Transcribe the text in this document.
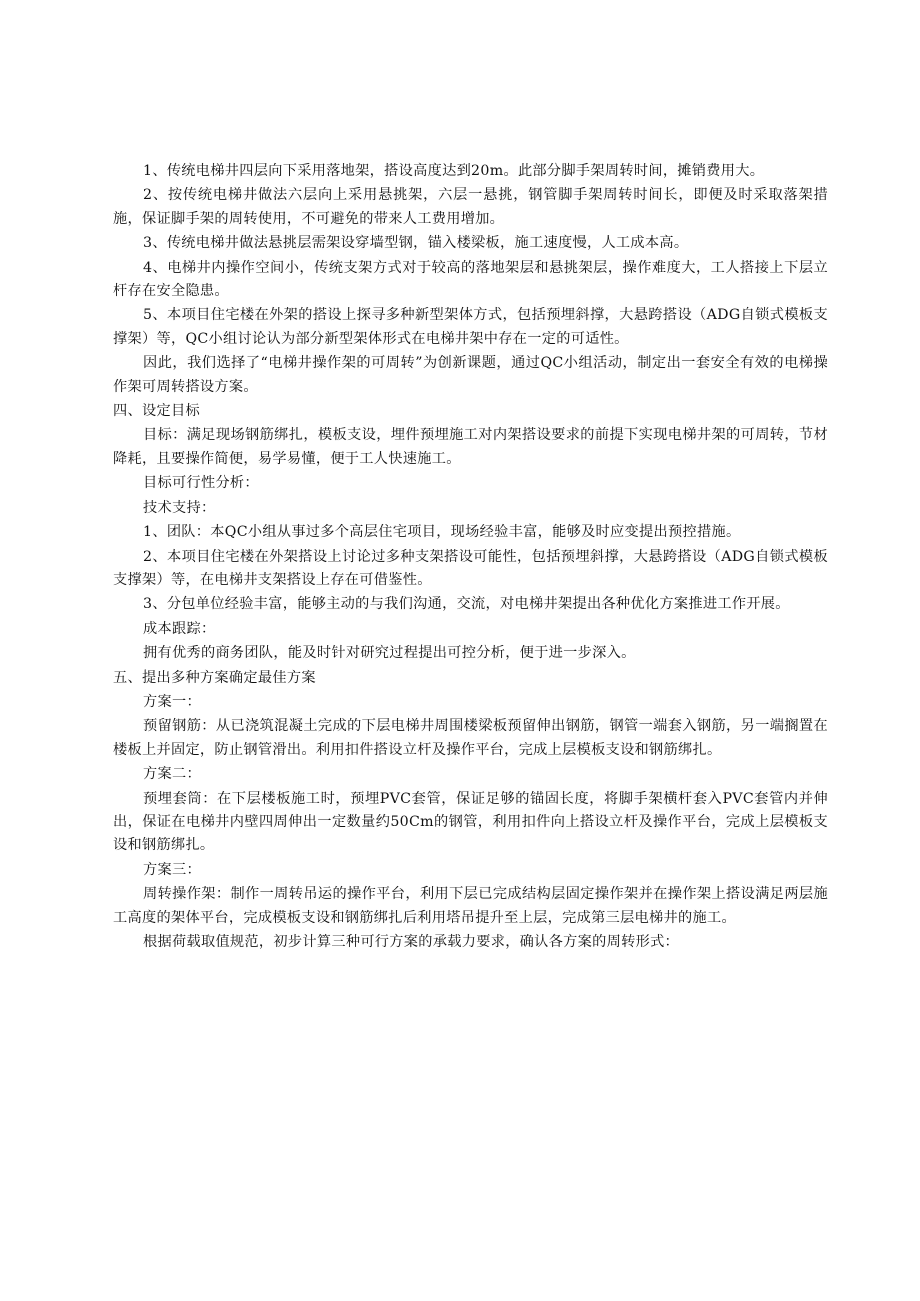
1、传统电梯井四层向下采用落地架，搭设高度达到20m。此部分脚手架周转时间，摊销费用大。

2、按传统电梯井做法六层向上采用悬挑架，六层一悬挑，钢管脚手架周转时间长，即便及时采取落架措施，保证脚手架的周转使用，不可避免的带来人工费用增加。

3、传统电梯井做法悬挑层需架设穿墙型钢，锚入楼梁板，施工速度慢，人工成本高。

4、电梯井内操作空间小，传统支架方式对于较高的落地架层和悬挑架层，操作难度大，工人搭接上下层立杆存在安全隐患。

5、本项目住宅楼在外架的搭设上探寻多种新型架体方式，包括预埋斜撑，大悬跨搭设（ADG自锁式模板支撑架）等，QC小组讨论认为部分新型架体形式在电梯井架中存在一定的可适性。

因此，我们选择了“电梯井操作架的可周转”为创新课题，通过QC小组活动，制定出一套安全有效的电梯操作架可周转搭设方案。

四、设定目标

目标：满足现场钢筋绑扎，模板支设，埋件预埋施工对内架搭设要求的前提下实现电梯井架的可周转，节材降耗，且要操作简便，易学易懂，便于工人快速施工。

目标可行性分析：

技术支持：

1、团队：本QC小组从事过多个高层住宅项目，现场经验丰富，能够及时应变提出预控措施。

2、本项目住宅楼在外架搭设上讨论过多种支架搭设可能性，包括预埋斜撑，大悬跨搭设（ADG自锁式模板支撑架）等，在电梯井支架搭设上存在可借鉴性。

3、分包单位经验丰富，能够主动的与我们沟通，交流，对电梯井架提出各种优化方案推进工作开展。

成本跟踪：

拥有优秀的商务团队，能及时针对研究过程提出可控分析，便于进一步深入。

五、提出多种方案确定最佳方案

方案一：

预留钢筋：从已浇筑混凝土完成的下层电梯井周围楼梁板预留伸出钢筋，钢管一端套入钢筋，另一端搁置在楼板上并固定，防止钢管滑出。利用扣件搭设立杆及操作平台，完成上层模板支设和钢筋绑扎。

方案二：

预埋套筒：在下层楼板施工时，预埋PVC套管，保证足够的锚固长度，将脚手架横杆套入PVC套管内并伸出，保证在电梯井内壁四周伸出一定数量约50Cm的钢管，利用扣件向上搭设立杆及操作平台，完成上层模板支设和钢筋绑扎。

方案三：

周转操作架：制作一周转吊运的操作平台，利用下层已完成结构层固定操作架并在操作架上搭设满足两层施工高度的架体平台，完成模板支设和钢筋绑扎后利用塔吊提升至上层，完成第三层电梯井的施工。

根据荷载取值规范，初步计算三种可行方案的承载力要求，确认各方案的周转形式：
